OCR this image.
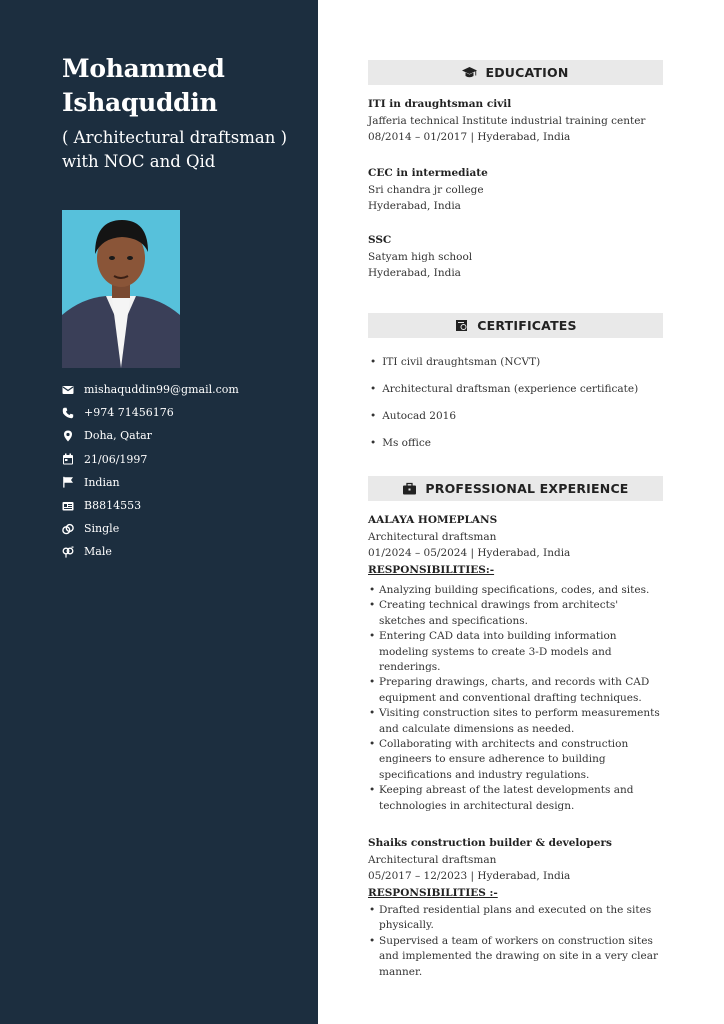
Mohammed
Ishaquddin
( Architectural draftsman ) with NOC and Qid
mishaquddin99@gmail.com
+974 71456176
Doha, Qatar
21/06/1997
Indian
B8814553
Single
Male
EDUCATION
ITI in draughtsman civil
Jafferia technical Institute industrial training center
08/2014 – 01/2017 | Hyderabad, India
CEC in intermediate
Sri chandra jr college
Hyderabad, India
SSC
Satyam high school
Hyderabad, India
CERTIFICATES
• ITI civil draughtsman (NCVT)
• Architectural draftsman (experience certificate)
• Autocad 2016
• Ms office
PROFESSIONAL EXPERIENCE
AALAYA HOMEPLANS
Architectural draftsman
01/2024 – 05/2024 | Hyderabad, India
RESPONSIBILITIES:-
• Analyzing building specifications, codes, and sites.
• Creating technical drawings from architects' sketches and specifications.
• Entering CAD data into building information modeling systems to create 3-D models and renderings.
• Preparing drawings, charts, and records with CAD equipment and conventional drafting techniques.
• Visiting construction sites to perform measurements and calculate dimensions as needed.
• Collaborating with architects and construction engineers to ensure adherence to building specifications and industry regulations.
• Keeping abreast of the latest developments and technologies in architectural design.
Shaiks construction builder & developers
Architectural draftsman
05/2017 – 12/2023 | Hyderabad, India
RESPONSIBILITIES :-
• Drafted residential plans and executed on the sites physically.
• Supervised a team of workers on construction sites and implemented the drawing on site in a very clear manner.
